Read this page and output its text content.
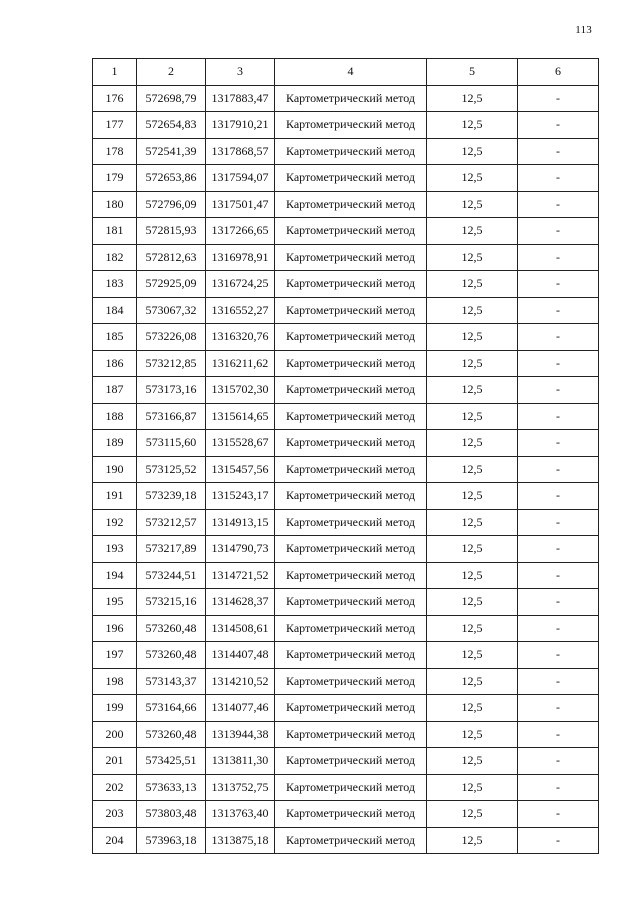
113
1	2	3	4	5	6
176	572698,79	1317883,47	Картометрический метод	12,5	-
177	572654,83	1317910,21	Картометрический метод	12,5	-
178	572541,39	1317868,57	Картометрический метод	12,5	-
179	572653,86	1317594,07	Картометрический метод	12,5	-
180	572796,09	1317501,47	Картометрический метод	12,5	-
181	572815,93	1317266,65	Картометрический метод	12,5	-
182	572812,63	1316978,91	Картометрический метод	12,5	-
183	572925,09	1316724,25	Картометрический метод	12,5	-
184	573067,32	1316552,27	Картометрический метод	12,5	-
185	573226,08	1316320,76	Картометрический метод	12,5	-
186	573212,85	1316211,62	Картометрический метод	12,5	-
187	573173,16	1315702,30	Картометрический метод	12,5	-
188	573166,87	1315614,65	Картометрический метод	12,5	-
189	573115,60	1315528,67	Картометрический метод	12,5	-
190	573125,52	1315457,56	Картометрический метод	12,5	-
191	573239,18	1315243,17	Картометрический метод	12,5	-
192	573212,57	1314913,15	Картометрический метод	12,5	-
193	573217,89	1314790,73	Картометрический метод	12,5	-
194	573244,51	1314721,52	Картометрический метод	12,5	-
195	573215,16	1314628,37	Картометрический метод	12,5	-
196	573260,48	1314508,61	Картометрический метод	12,5	-
197	573260,48	1314407,48	Картометрический метод	12,5	-
198	573143,37	1314210,52	Картометрический метод	12,5	-
199	573164,66	1314077,46	Картометрический метод	12,5	-
200	573260,48	1313944,38	Картометрический метод	12,5	-
201	573425,51	1313811,30	Картометрический метод	12,5	-
202	573633,13	1313752,75	Картометрический метод	12,5	-
203	573803,48	1313763,40	Картометрический метод	12,5	-
204	573963,18	1313875,18	Картометрический метод	12,5	-
